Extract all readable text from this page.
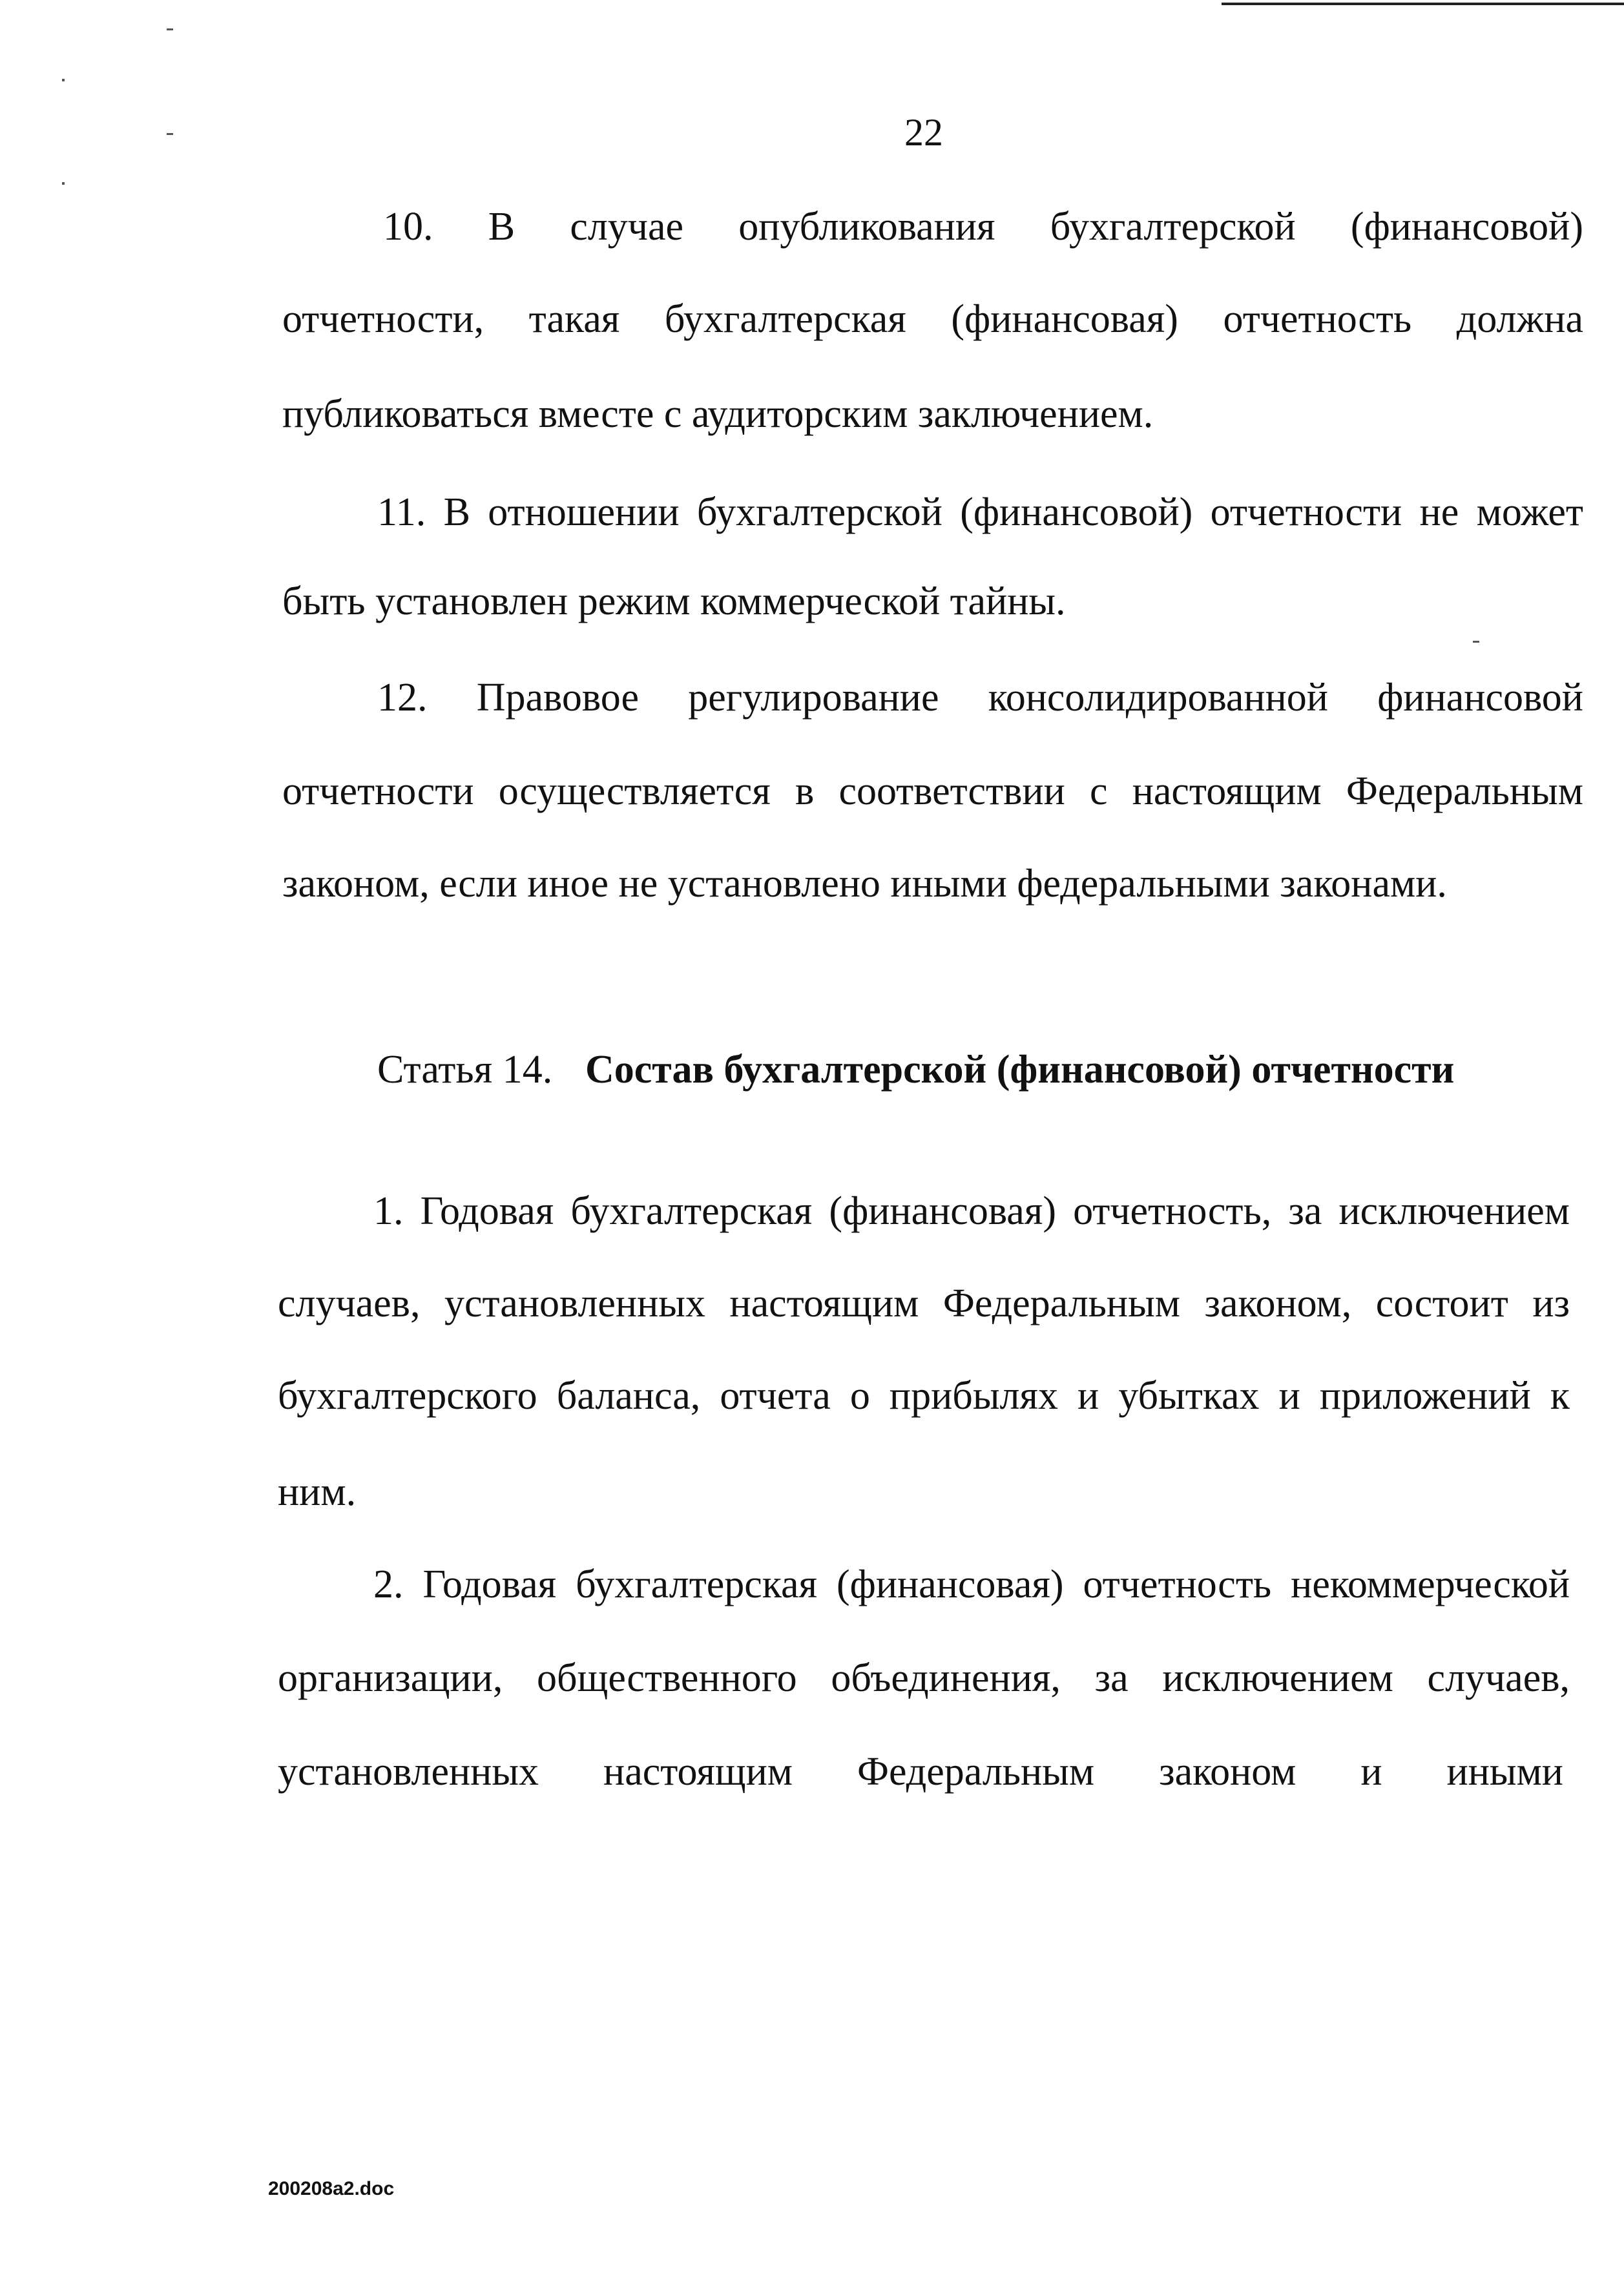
22
10. В случае опубликования бухгалтерской (финансовой)
отчетности, такая бухгалтерская (финансовая) отчетность должна
публиковаться вместе с аудиторским заключением.
11. В отношении бухгалтерской (финансовой) отчетности не может
быть установлен режим коммерческой тайны.
12. Правовое регулирование консолидированной финансовой
отчетности осуществляется в соответствии с настоящим Федеральным
законом, если иное не установлено иными федеральными законами.
Статья 14. Состав бухгалтерской (финансовой) отчетности
1. Годовая бухгалтерская (финансовая) отчетность, за исключением
случаев, установленных настоящим Федеральным законом, состоит из
бухгалтерского баланса, отчета о прибылях и убытках и приложений к
ним.
2. Годовая бухгалтерская (финансовая) отчетность некоммерческой
организации, общественного объединения, за исключением случаев,
установленных настоящим Федеральным законом и иными
200208a2.doc
